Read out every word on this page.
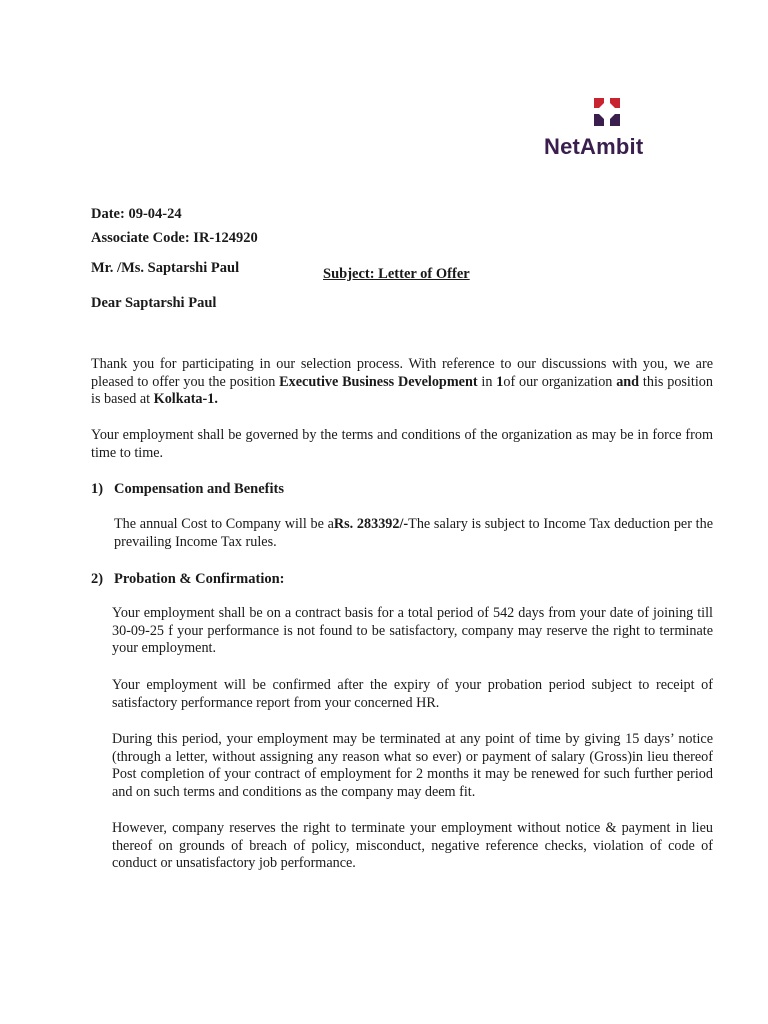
NetAmbit
Date: 09-04-24
Associate Code: IR-124920
Mr. /Ms. Saptarshi Paul	Subject: Letter of Offer
Dear Saptarshi Paul
Thank you for participating in our selection process. With reference to our discussions with you, we are pleased to offer you the position Executive Business Development in 1of our organization and this position is based at Kolkata-1.
Your employment shall be governed by the terms and conditions of the organization as may be in force from time to time.
1) Compensation and Benefits
The annual Cost to Company will be aRs. 283392/-The salary is subject to Income Tax deduction per the prevailing Income Tax rules.
2) Probation & Confirmation:
Your employment shall be on a contract basis for a total period of 542 days from your date of joining till 30-09-25 f your performance is not found to be satisfactory, company may reserve the right to terminate your employment.
Your employment will be confirmed after the expiry of your probation period subject to receipt of satisfactory performance report from your concerned HR.
During this period, your employment may be terminated at any point of time by giving 15 days’ notice (through a letter, without assigning any reason what so ever) or payment of salary (Gross)in lieu thereof Post completion of your contract of employment for 2 months it may be renewed for such further period and on such terms and conditions as the company may deem fit.
However, company reserves the right to terminate your employment without notice & payment in lieu thereof on grounds of breach of policy, misconduct, negative reference checks, violation of code of conduct or unsatisfactory job performance.
